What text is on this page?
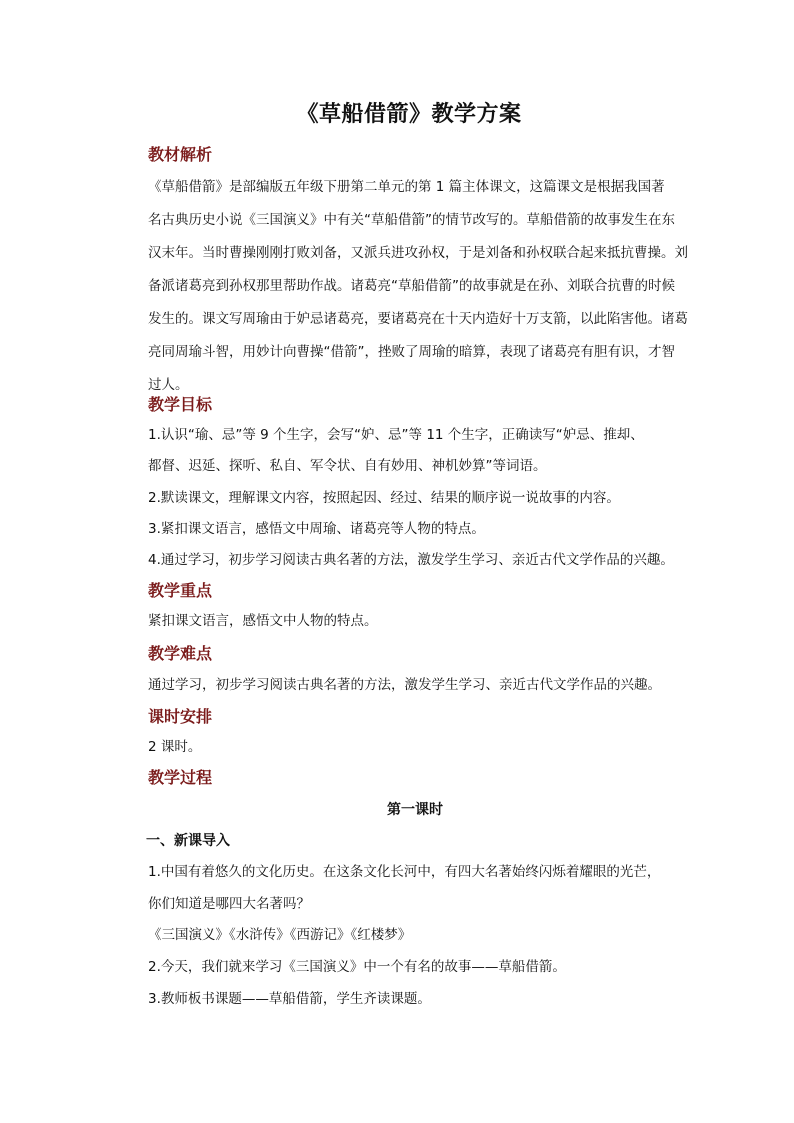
《草船借箭》教学方案
教材解析
《草船借箭》是部编版五年级下册第二单元的第 1 篇主体课文，这篇课文是根据我国著
名古典历史小说《三国演义》中有关“草船借箭”的情节改写的。草船借箭的故事发生在东
汉末年。当时曹操刚刚打败刘备，又派兵进攻孙权，于是刘备和孙权联合起来抵抗曹操。刘
备派诸葛亮到孙权那里帮助作战。诸葛亮“草船借箭”的故事就是在孙、刘联合抗曹的时候
发生的。课文写周瑜由于妒忌诸葛亮，要诸葛亮在十天内造好十万支箭，以此陷害他。诸葛
亮同周瑜斗智，用妙计向曹操“借箭”，挫败了周瑜的暗算，表现了诸葛亮有胆有识，才智
过人。
教学目标
1.认识“瑜、忌”等 9 个生字，会写“妒、忌”等 11 个生字，正确读写“妒忌、推却、
都督、迟延、探听、私自、军令状、自有妙用、神机妙算”等词语。
2.默读课文，理解课文内容，按照起因、经过、结果的顺序说一说故事的内容。
3.紧扣课文语言，感悟文中周瑜、诸葛亮等人物的特点。
4.通过学习，初步学习阅读古典名著的方法，激发学生学习、亲近古代文学作品的兴趣。
教学重点
紧扣课文语言，感悟文中人物的特点。
教学难点
通过学习，初步学习阅读古典名著的方法，激发学生学习、亲近古代文学作品的兴趣。
课时安排
2 课时。
教学过程
第一课时
一、新课导入
1.中国有着悠久的文化历史。在这条文化长河中，有四大名著始终闪烁着耀眼的光芒，
你们知道是哪四大名著吗？
《三国演义》《水浒传》《西游记》《红楼梦》
2.今天，我们就来学习《三国演义》中一个有名的故事——草船借箭。
3.教师板书课题——草船借箭，学生齐读课题。
